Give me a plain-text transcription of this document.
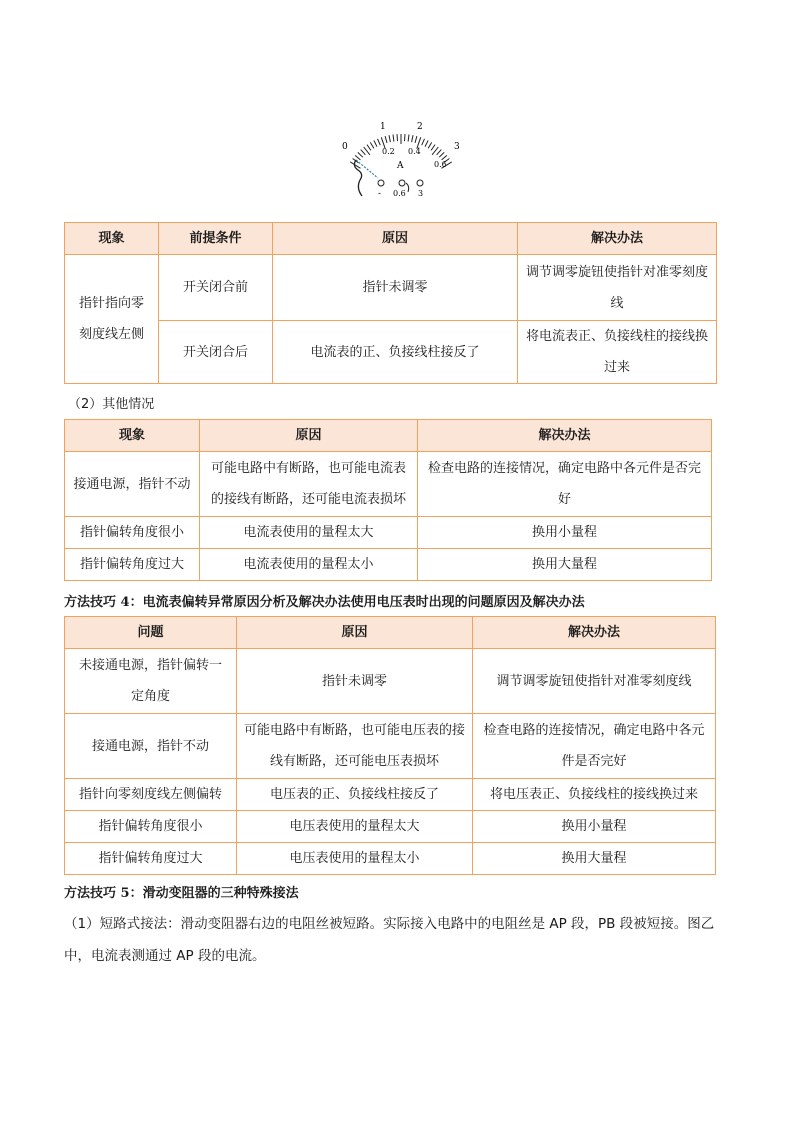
0
1	2
3
0.2 0.4
0.6
A
- 0.6 3
现象	前提条件	原因	解决办法
指针指向零刻度线左侧	开关闭合前	指针未调零	调节调零旋钮使指针对准零刻度线
	开关闭合后	电流表的正、负接线柱接反了	将电流表正、负接线柱的接线换过来
（2）其他情况
现象	原因	解决办法
接通电源，指针不动	可能电路中有断路，也可能电流表的接线有断路，还可能电流表损坏	检查电路的连接情况，确定电路中各元件是否完好
指针偏转角度很小	电流表使用的量程太大	换用小量程
指针偏转角度过大	电流表使用的量程太小	换用大量程
方法技巧 4：电流表偏转异常原因分析及解决办法使用电压表时出现的问题原因及解决办法
问题	原因	解决办法
未接通电源，指针偏转一定角度	指针未调零	调节调零旋钮使指针对准零刻度线
接通电源，指针不动	可能电路中有断路，也可能电压表的接线有断路，还可能电压表损坏	检查电路的连接情况，确定电路中各元件是否完好
指针向零刻度线左侧偏转	电压表的正、负接线柱接反了	将电压表正、负接线柱的接线换过来
指针偏转角度很小	电压表使用的量程太大	换用小量程
指针偏转角度过大	电压表使用的量程太小	换用大量程
方法技巧 5：滑动变阻器的三种特殊接法
（1）短路式接法：滑动变阻器右边的电阻丝被短路。实际接入电路中的电阻丝是 AP 段，PB 段被短接。图乙中，电流表测通过 AP 段的电流。
